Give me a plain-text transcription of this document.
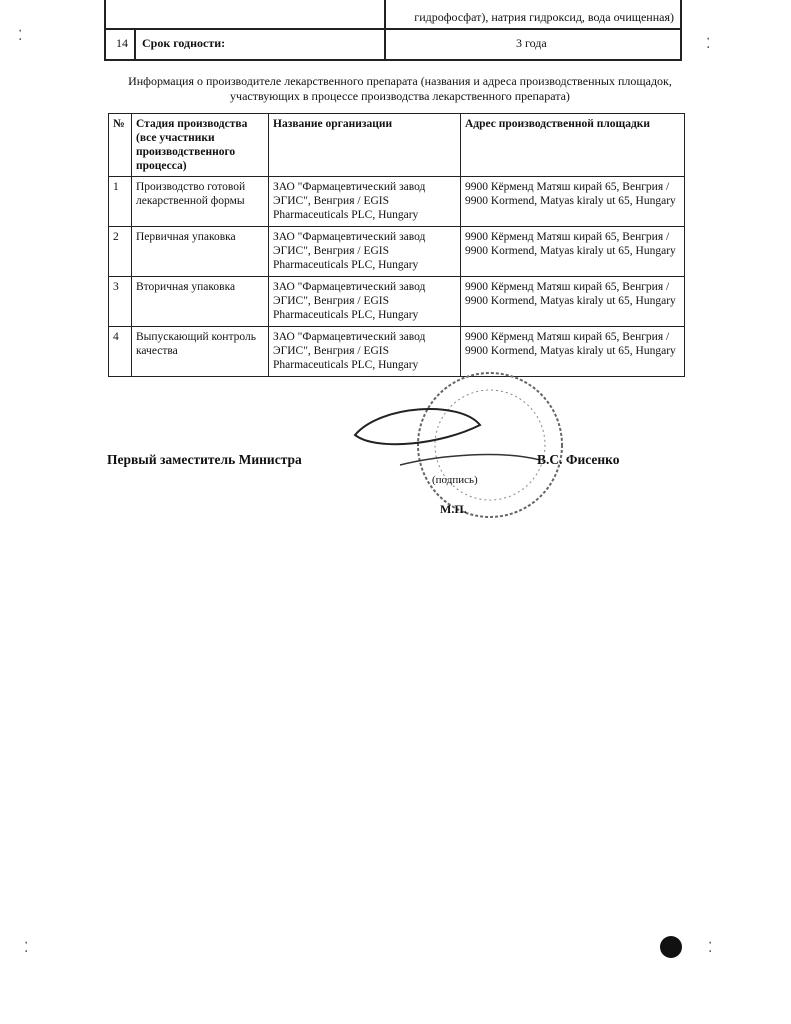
гидрофосфат), натрия гидроксид, вода очищенная)
14	Срок годности:	3 года
Информация о производителе лекарственного препарата (названия и адреса производственных площадок, участвующих в процессе производства лекарственного препарата)
№	Стадия производства (все участники производственного процесса)	Название организации	Адрес производственной площадки
1	Производство готовой лекарственной формы	ЗАО "Фармацевтический завод ЭГИС", Венгрия / EGIS Pharmaceuticals PLC, Hungary	9900 Кёрменд Матяш кирай 65, Венгрия / 9900 Kormend, Matyas kiraly ut 65, Hungary
2	Первичная упаковка	ЗАО "Фармацевтический завод ЭГИС", Венгрия / EGIS Pharmaceuticals PLC, Hungary	9900 Кёрменд Матяш кирай 65, Венгрия / 9900 Kormend, Matyas kiraly ut 65, Hungary
3	Вторичная упаковка	ЗАО "Фармацевтический завод ЭГИС", Венгрия / EGIS Pharmaceuticals PLC, Hungary	9900 Кёрменд Матяш кирай 65, Венгрия / 9900 Kormend, Matyas kiraly ut 65, Hungary
4	Выпускающий контроль качества	ЗАО "Фармацевтический завод ЭГИС", Венгрия / EGIS Pharmaceuticals PLC, Hungary	9900 Кёрменд Матяш кирай 65, Венгрия / 9900 Kormend, Matyas kiraly ut 65, Hungary
Первый заместитель Министра	В.С. Фисенко
(подпись)
М.П.
⁚
⁚
⁚	⁚
